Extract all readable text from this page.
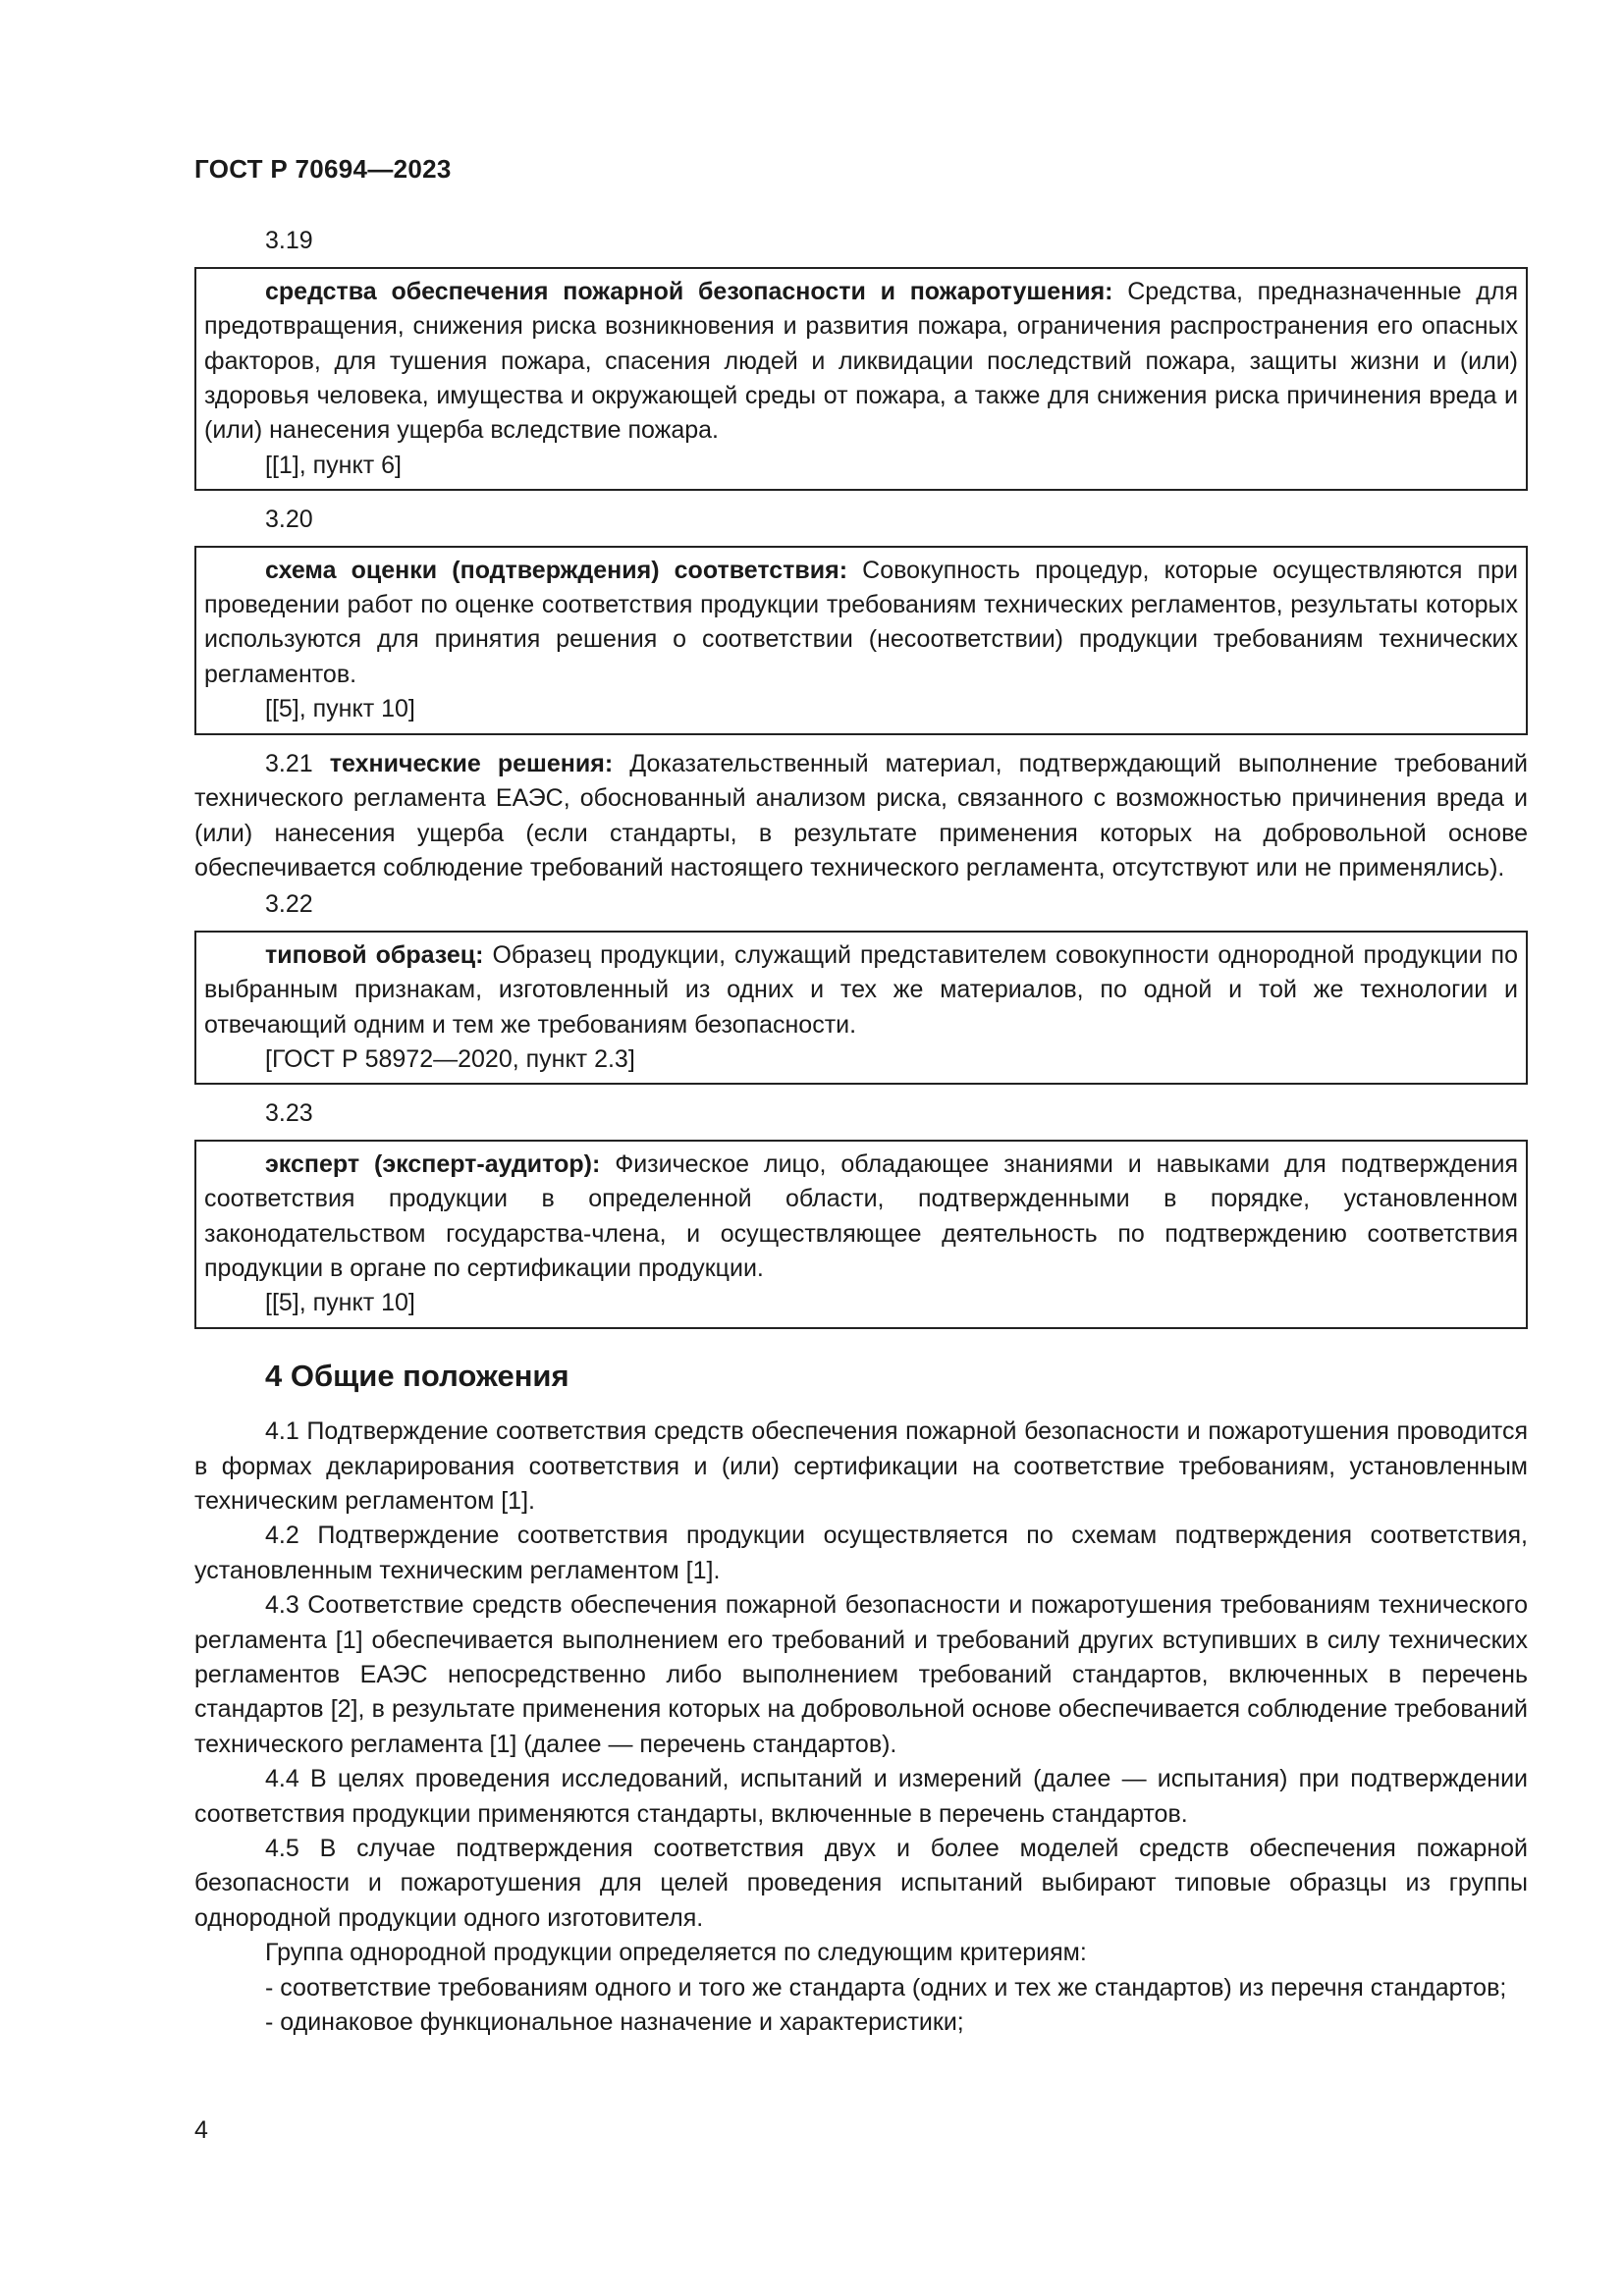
ГОСТ Р 70694—2023
3.19

средства обеспечения пожарной безопасности и пожаротушения: Средства, предназначенные для предотвращения, снижения риска возникновения и развития пожара, ограничения распространения его опасных факторов, для тушения пожара, спасения людей и ликвидации последствий пожара, защиты жизни и (или) здоровья человека, имущества и окружающей среды от пожара, а также для снижения риска причинения вреда и (или) нанесения ущерба вследствие пожара.

[[1], пункт 6]

3.20

схема оценки (подтверждения) соответствия: Совокупность процедур, которые осуществляются при проведении работ по оценке соответствия продукции требованиям технических регламентов, результаты которых используются для принятия решения о соответствии (несоответствии) продукции требованиям технических регламентов.

[[5], пункт 10]

3.21 технические решения: Доказательственный материал, подтверждающий выполнение требований технического регламента ЕАЭС, обоснованный анализом риска, связанного с возможностью причинения вреда и (или) нанесения ущерба (если стандарты, в результате применения которых на добровольной основе обеспечивается соблюдение требований настоящего технического регламента, отсутствуют или не применялись).

3.22

типовой образец: Образец продукции, служащий представителем совокупности однородной продукции по выбранным признакам, изготовленный из одних и тех же материалов, по одной и той же технологии и отвечающий одним и тем же требованиям безопасности.

[ГОСТ Р 58972—2020, пункт 2.3]

3.23

эксперт (эксперт-аудитор): Физическое лицо, обладающее знаниями и навыками для подтверждения соответствия продукции в определенной области, подтвержденными в порядке, установленном законодательством государства-члена, и осуществляющее деятельность по подтверждению соответствия продукции в органе по сертификации продукции.

[[5], пункт 10]

4 Общие положения

4.1 Подтверждение соответствия средств обеспечения пожарной безопасности и пожаротушения проводится в формах декларирования соответствия и (или) сертификации на соответствие требованиям, установленным техническим регламентом [1].

4.2 Подтверждение соответствия продукции осуществляется по схемам подтверждения соответствия, установленным техническим регламентом [1].

4.3 Соответствие средств обеспечения пожарной безопасности и пожаротушения требованиям технического регламента [1] обеспечивается выполнением его требований и требований других вступивших в силу технических регламентов ЕАЭС непосредственно либо выполнением требований стандартов, включенных в перечень стандартов [2], в результате применения которых на добровольной основе обеспечивается соблюдение требований технического регламента [1] (далее — перечень стандартов).

4.4 В целях проведения исследований, испытаний и измерений (далее — испытания) при подтверждении соответствия продукции применяются стандарты, включенные в перечень стандартов.

4.5 В случае подтверждения соответствия двух и более моделей средств обеспечения пожарной безопасности и пожаротушения для целей проведения испытаний выбирают типовые образцы из группы однородной продукции одного изготовителя.

Группа однородной продукции определяется по следующим критериям:

- соответствие требованиям одного и того же стандарта (одних и тех же стандартов) из перечня стандартов;

- одинаковое функциональное назначение и характеристики;

4
